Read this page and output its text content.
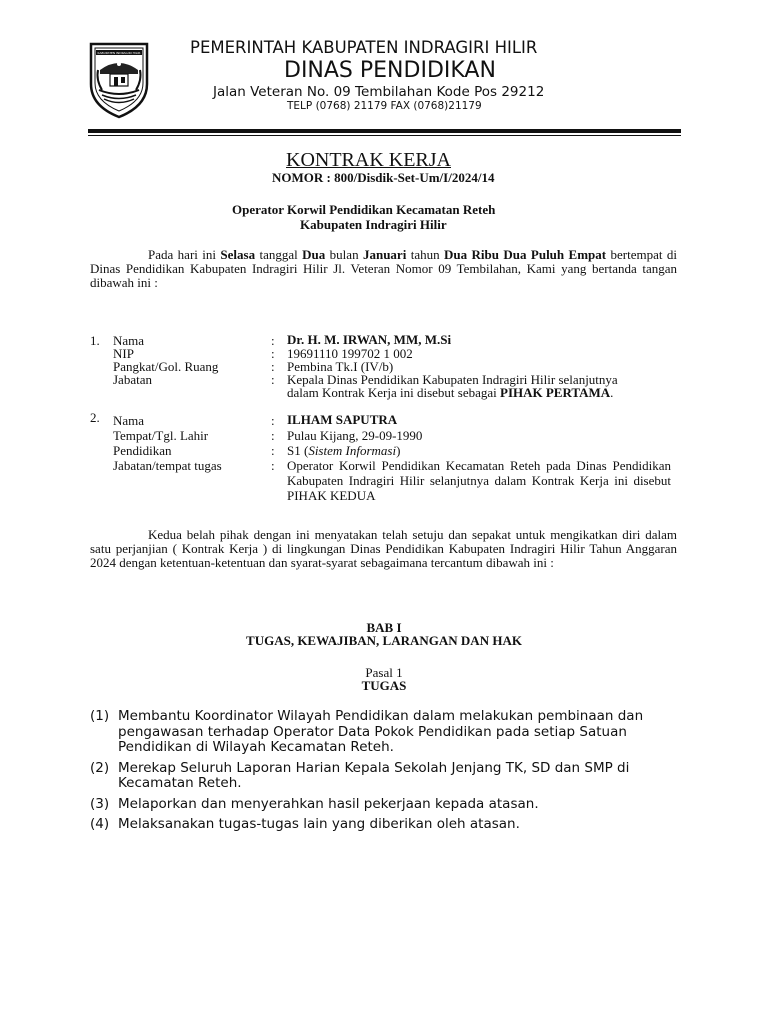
KABUPATEN INDRAGIRI HILIR	PEMERINTAH KABUPATEN INDRAGIRI HILIR
DINAS PENDIDIKAN
Jalan Veteran No. 09 Tembilahan Kode Pos 29212
TELP (0768) 21179 FAX (0768)21179
KONTRAK KERJA
NOMOR : 800/Disdik-Set-Um/I/2024/14
Operator Korwil Pendidikan Kecamatan Reteh
Kabupaten Indragiri Hilir
Pada hari ini Selasa tanggal Dua bulan Januari tahun Dua Ribu Dua Puluh Empat bertempat di Dinas Pendidikan Kabupaten Indragiri Hilir Jl. Veteran Nomor 09 Tembilahan, Kami yang bertanda tangan dibawah ini :
1. Nama
NIP
Pangkat/Gol. Ruang
Jabatan
:
:
:
:
Dr. H. M. IRWAN, MM, M.Si
19691110 199702 1 002
Pembina Tk.I (IV/b)
Kepala Dinas Pendidikan Kabupaten Indragiri Hilir selanjutnya
dalam Kontrak Kerja ini disebut sebagai PIHAK PERTAMA.
2. Nama
Tempat/Tgl. Lahir
Pendidikan
Jabatan/tempat tugas
:
:
:
:
ILHAM SAPUTRA
Pulau Kijang, 29-09-1990
S1 (Sistem Informasi)
Operator Korwil Pendidikan Kecamatan Reteh pada Dinas Pendidikan Kabupaten Indragiri Hilir selanjutnya dalam Kontrak Kerja ini disebut PIHAK KEDUA
Kedua belah pihak dengan ini menyatakan telah setuju dan sepakat untuk mengikatkan diri dalam satu perjanjian ( Kontrak Kerja ) di lingkungan Dinas Pendidikan Kabupaten Indragiri Hilir Tahun Anggaran 2024 dengan ketentuan-ketentuan dan syarat-syarat sebagaimana tercantum dibawah ini :
BAB I
TUGAS, KEWAJIBAN, LARANGAN DAN HAK
Pasal 1
TUGAS
(1) Membantu Koordinator Wilayah Pendidikan dalam melakukan pembinaan dan pengawasan terhadap Operator Data Pokok Pendidikan pada setiap Satuan Pendidikan di Wilayah Kecamatan Reteh.
(2) Merekap Seluruh Laporan Harian Kepala Sekolah Jenjang TK, SD dan SMP di Kecamatan Reteh.
(3) Melaporkan dan menyerahkan hasil pekerjaan kepada atasan.
(4) Melaksanakan tugas-tugas lain yang diberikan oleh atasan.
